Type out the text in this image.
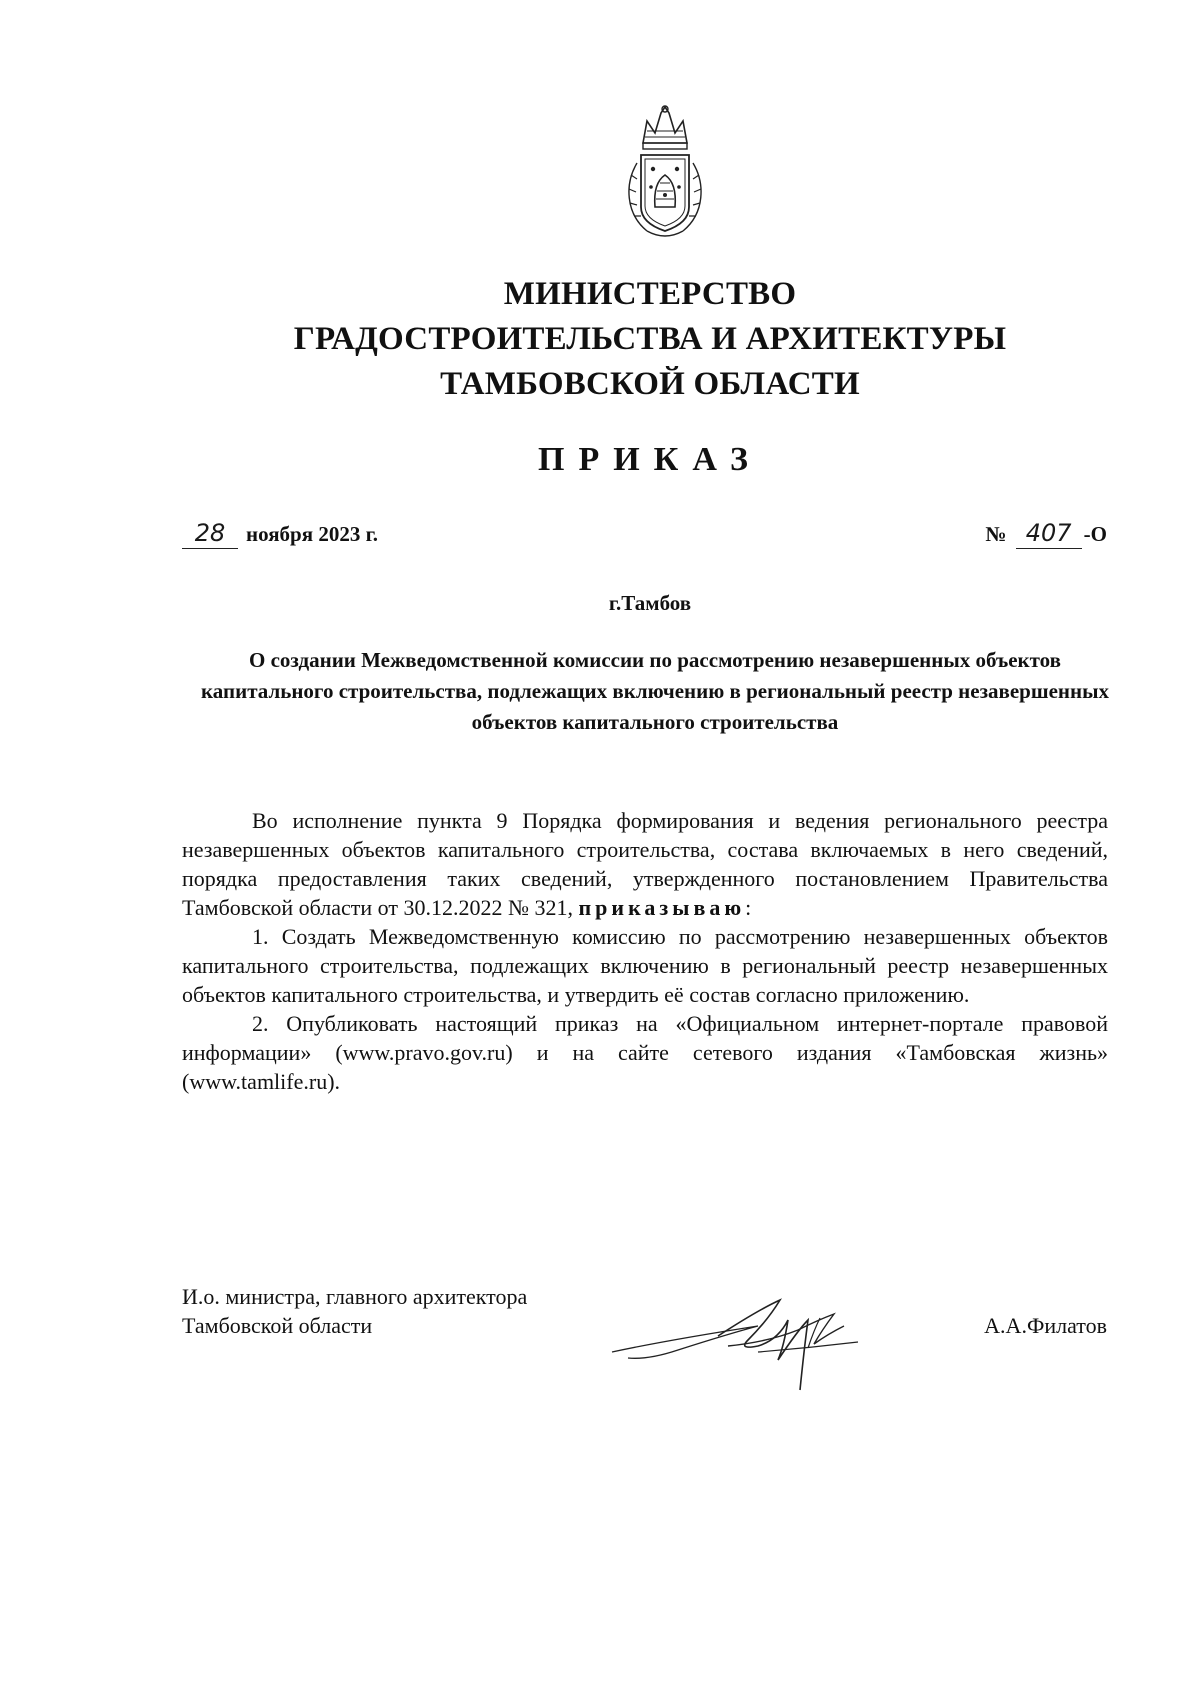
МИНИСТЕРСТВО
ГРАДОСТРОИТЕЛЬСТВА И АРХИТЕКТУРЫ
ТАМБОВСКОЙ ОБЛАСТИ
ПРИКАЗ
28 ноября 2023 г.	№ 407 -О
г.Тамбов
О создании Межведомственной комиссии по рассмотрению незавершенных объектов капитального строительства, подлежащих включению в региональный реестр незавершенных объектов капитального строительства

Во исполнение пункта 9 Порядка формирования и ведения регионального реестра незавершенных объектов капитального строительства, состава включаемых в него сведений, порядка предоставления таких сведений, утвержденного постановлением Правительства Тамбовской области от 30.12.2022 № 321, приказываю:

1. Создать Межведомственную комиссию по рассмотрению незавершенных объектов капитального строительства, подлежащих включению в региональный реестр незавершенных объектов капитального строительства, и утвердить её состав согласно приложению.

2. Опубликовать настоящий приказ на «Официальном интернет-портале правовой информации» (www.pravo.gov.ru) и на сайте сетевого издания «Тамбовская жизнь» (www.tamlife.ru).

И.о. министра, главного архитектора
Тамбовской области	А.А.Филатов
